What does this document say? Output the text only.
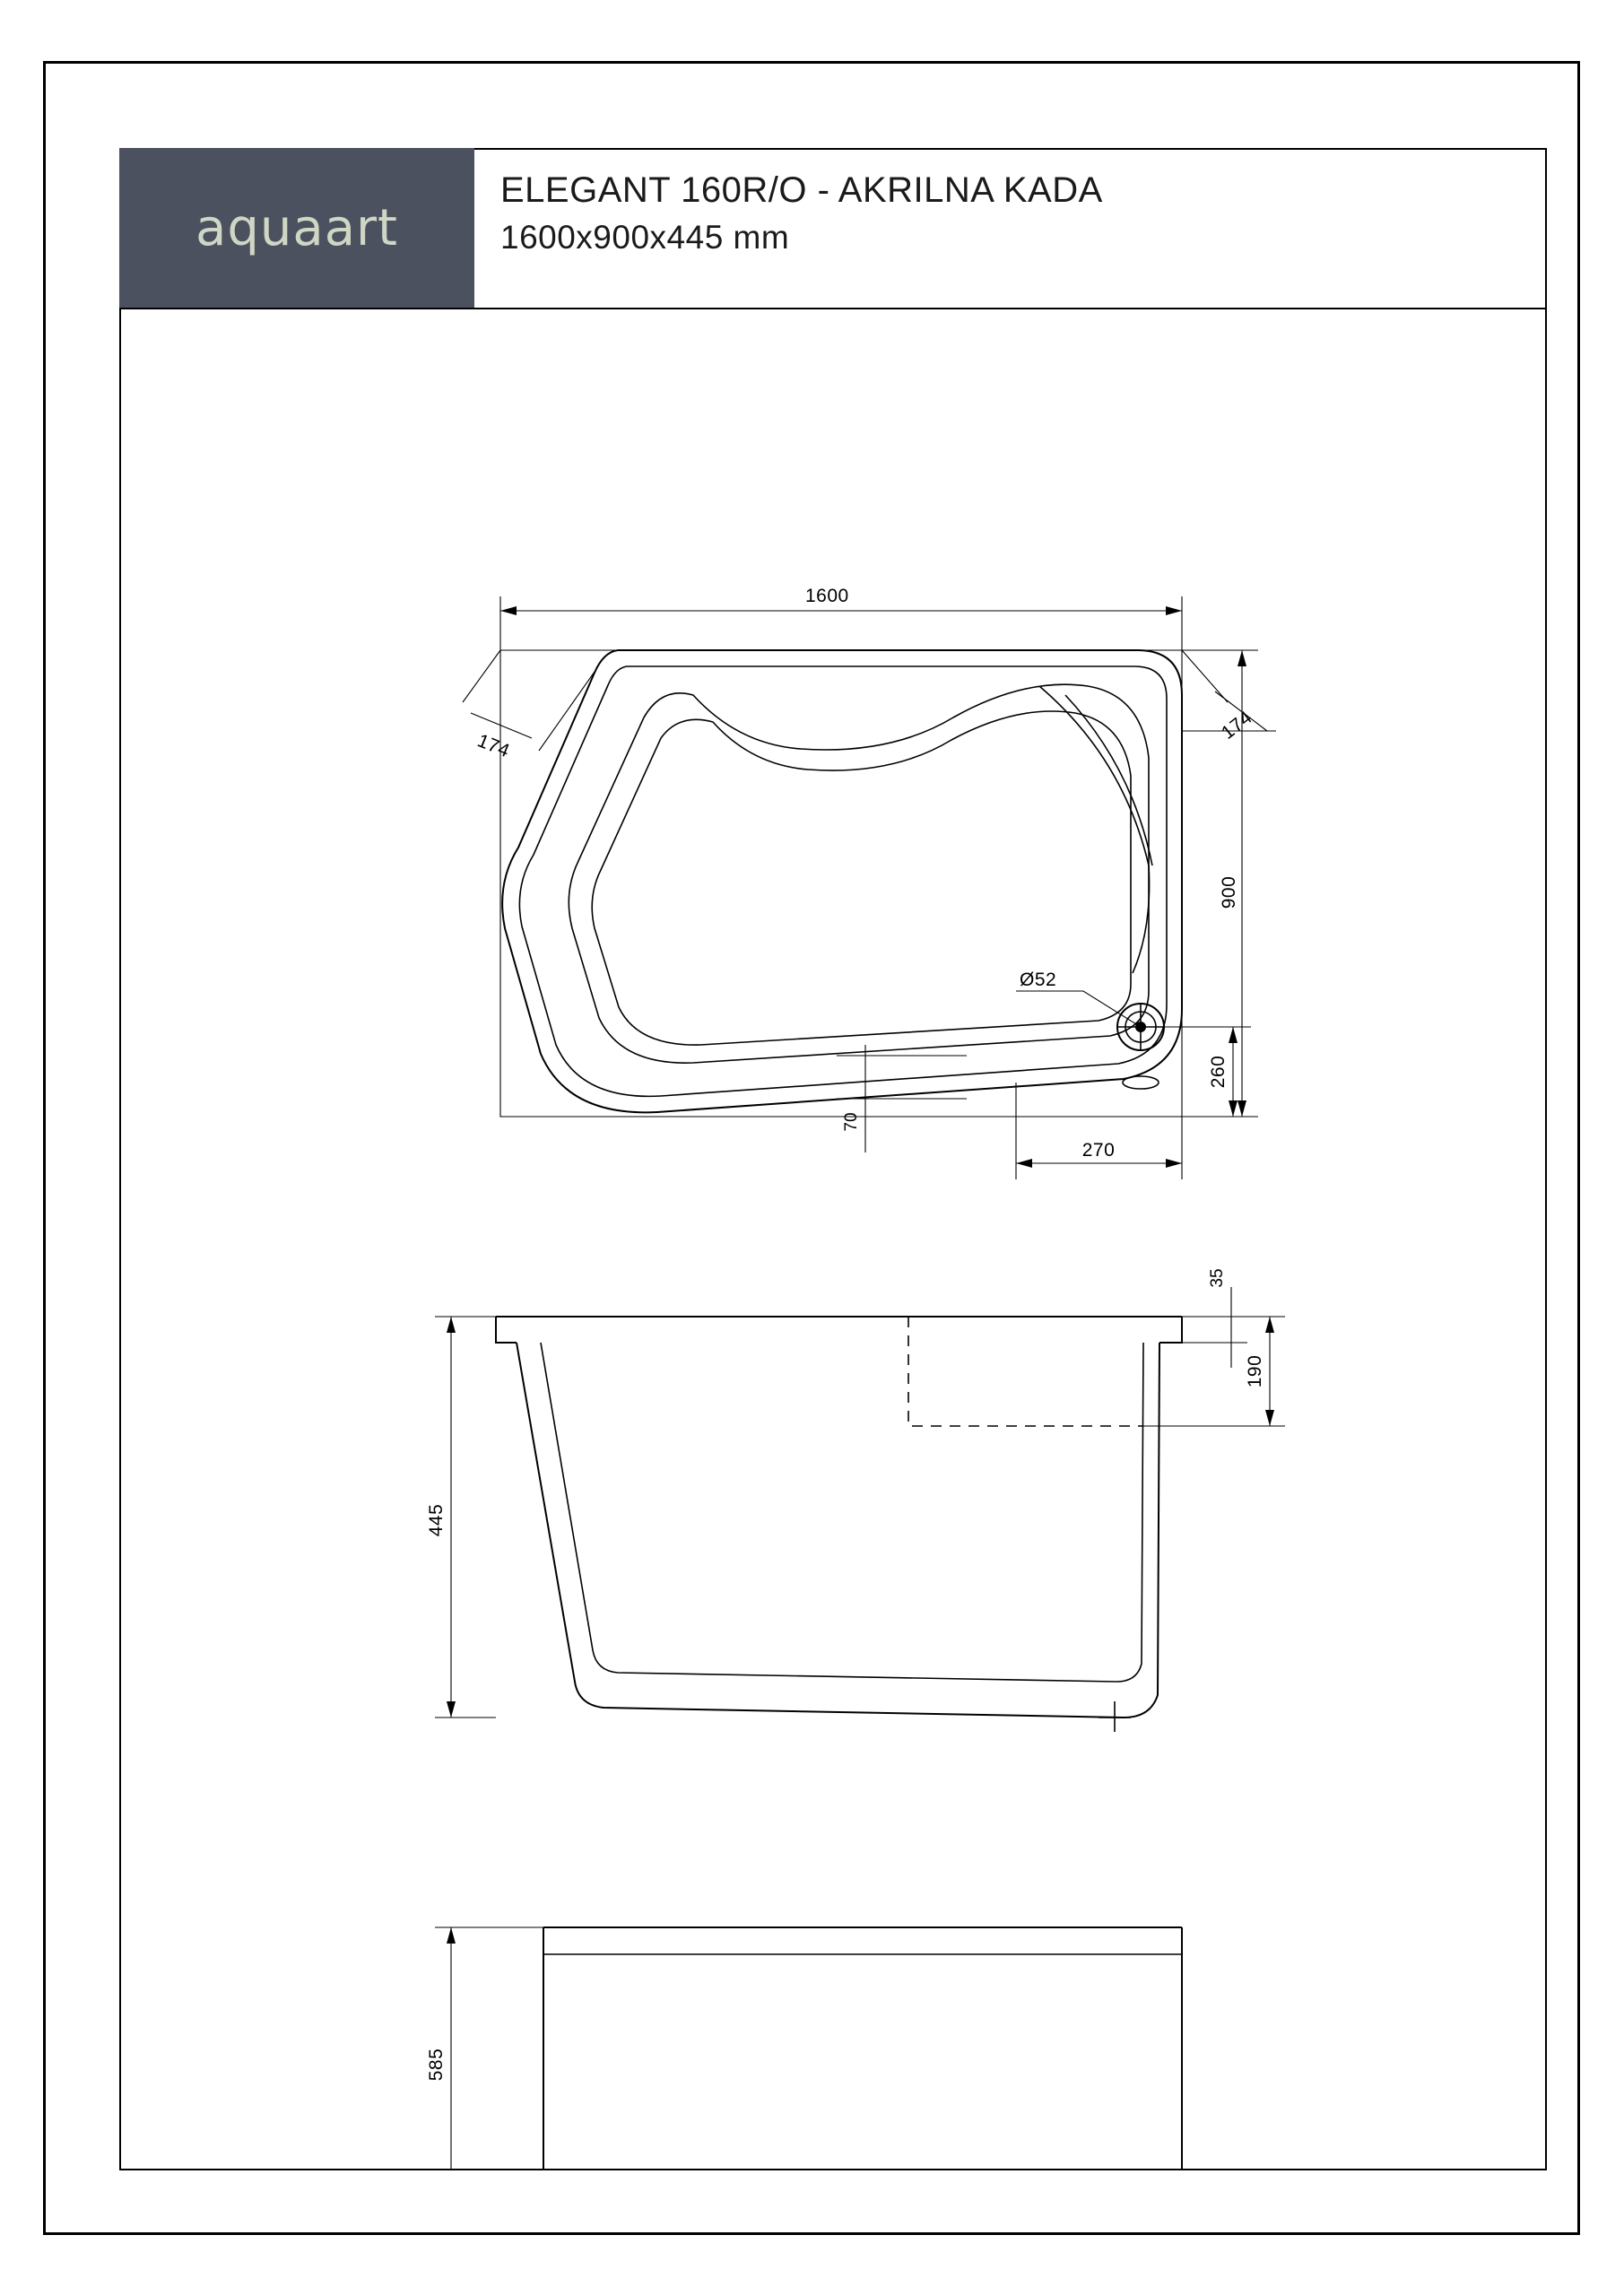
aquaart
ELEGANT 160R/O - AKRILNA KADA
1600x900x445 mm
Ø52
1600
900
174
174
260
270
70
445
35
190
585
